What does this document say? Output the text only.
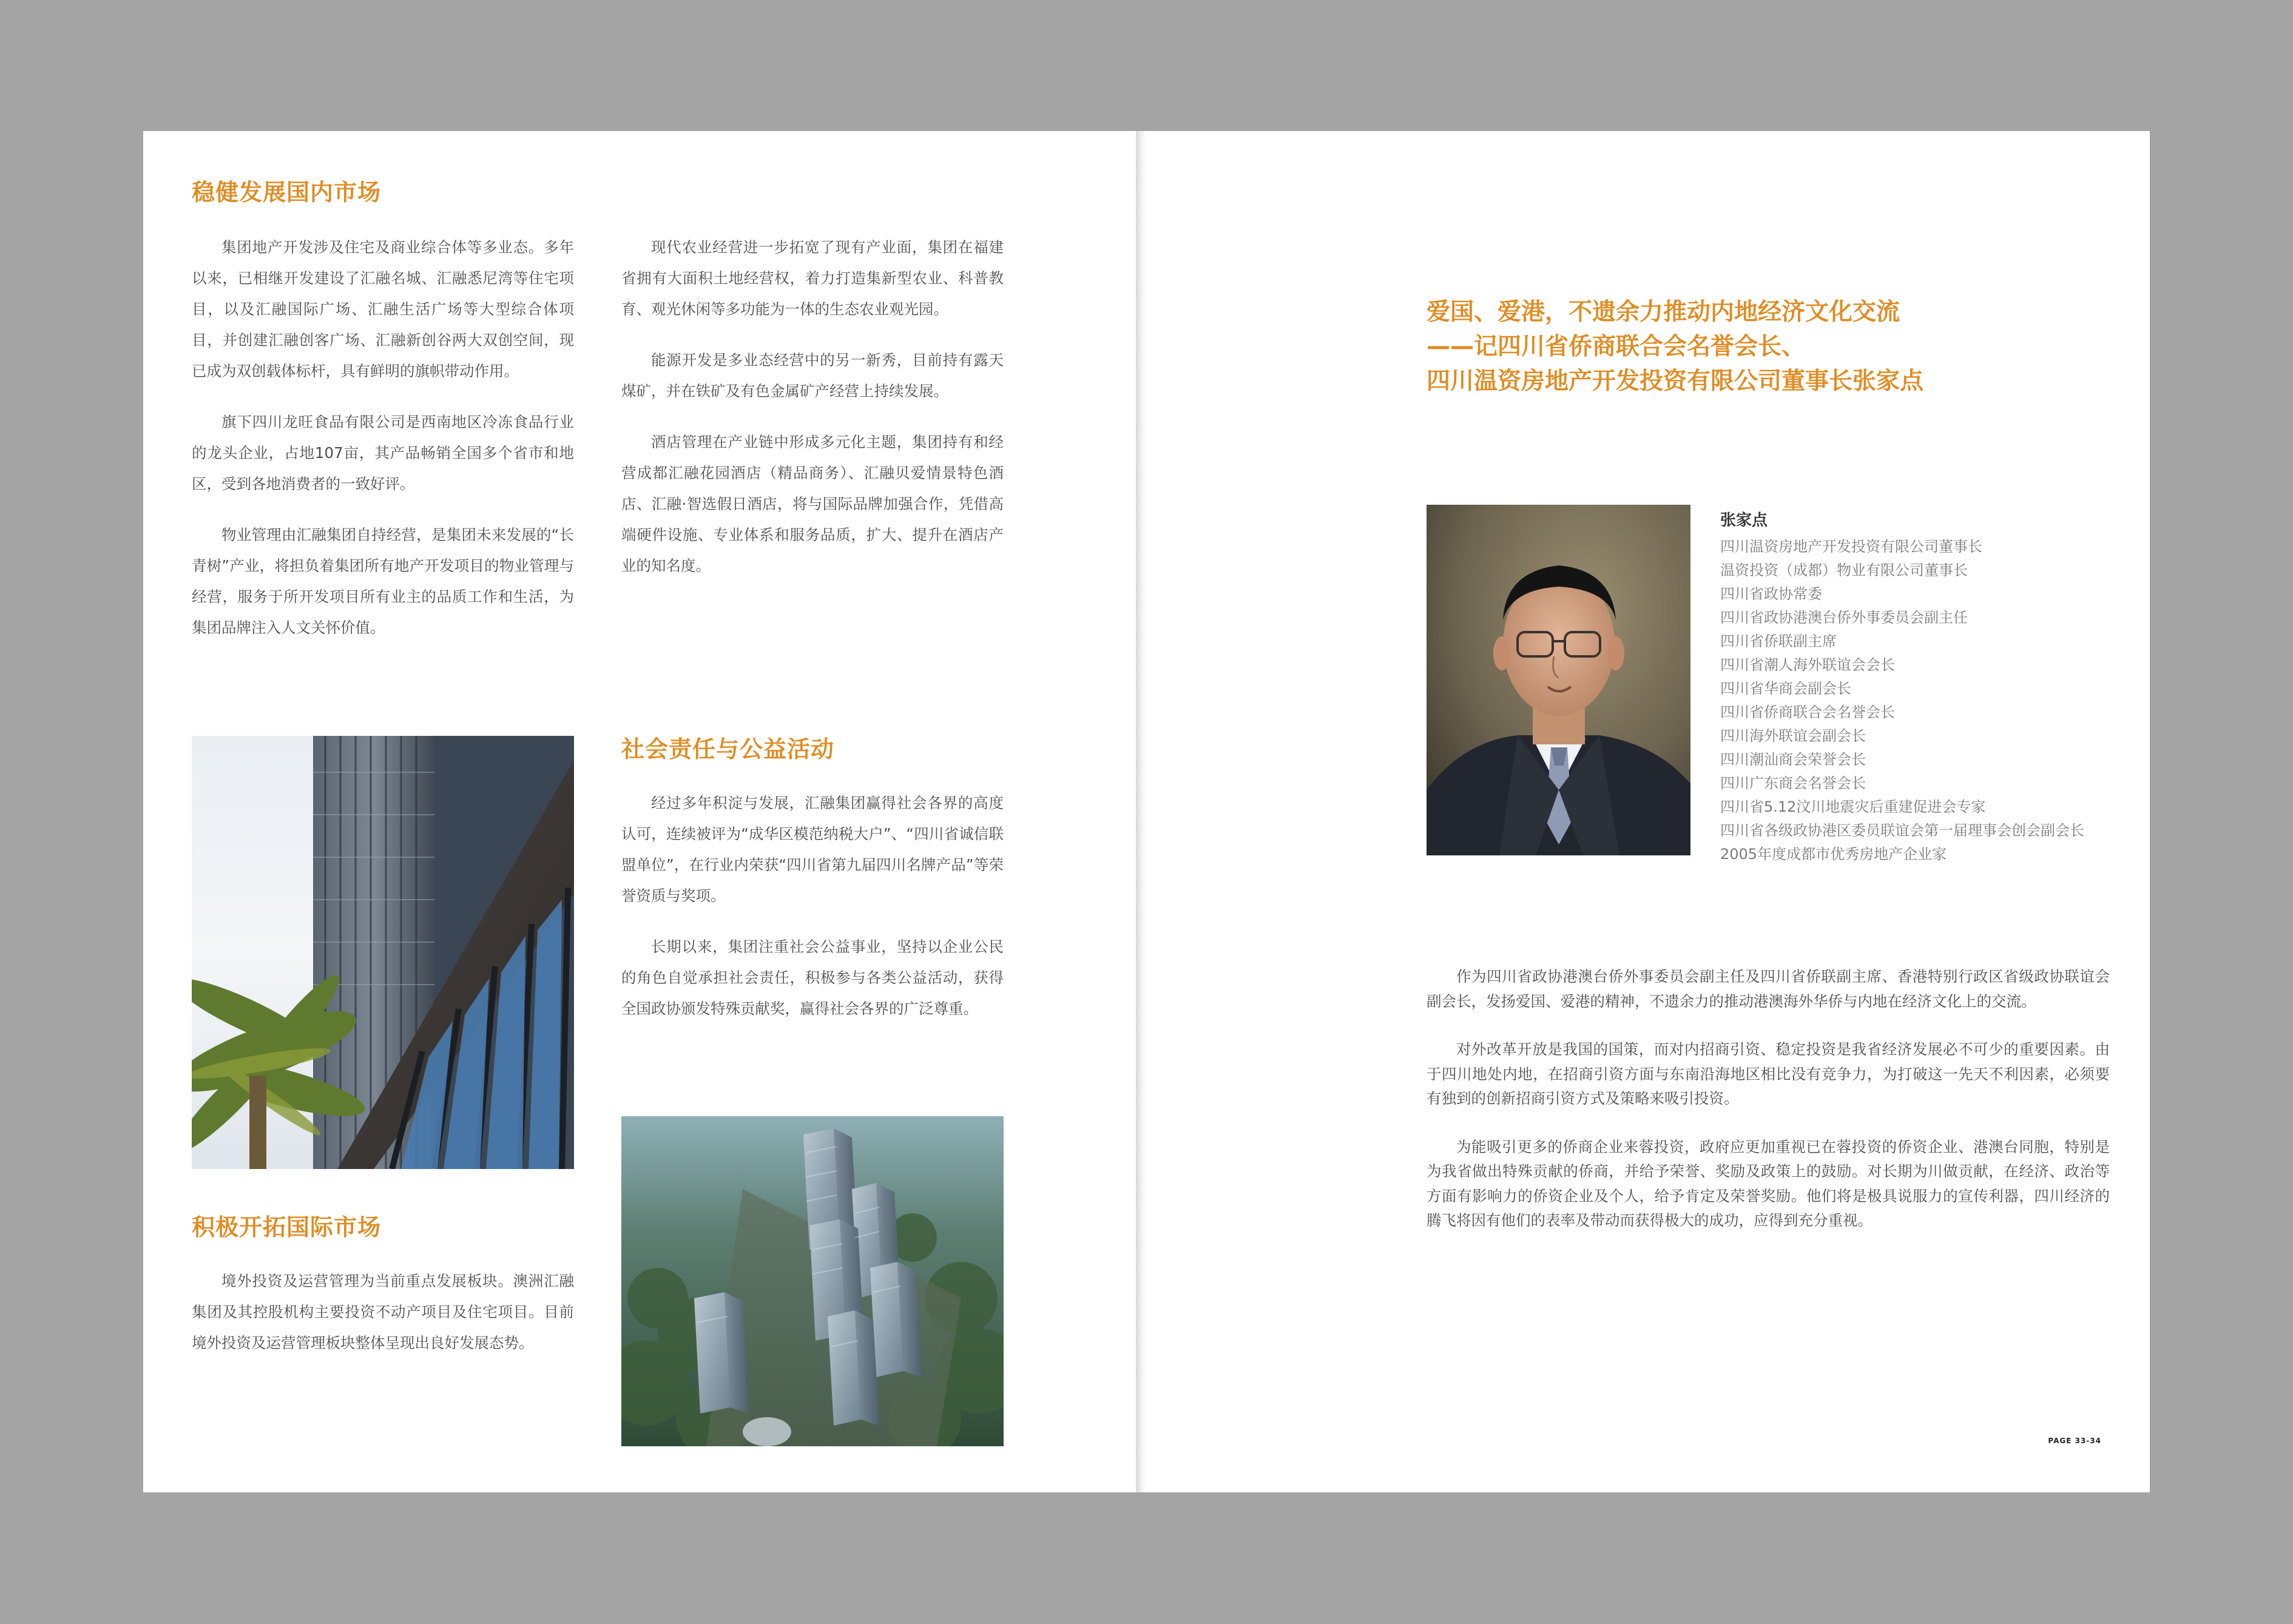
稳健发展国内市场

集团地产开发涉及住宅及商业综合体等多业态。多年以来，已相继开发建设了汇融名城、汇融悉尼湾等住宅项目，以及汇融国际广场、汇融生活广场等大型综合体项目，并创建汇融创客广场、汇融新创谷两大双创空间，现已成为双创载体标杆，具有鲜明的旗帜带动作用。

旗下四川龙旺食品有限公司是西南地区冷冻食品行业的龙头企业，占地107亩，其产品畅销全国多个省市和地区，受到各地消费者的一致好评。

物业管理由汇融集团自持经营，是集团未来发展的“长青树”产业，将担负着集团所有地产开发项目的物业管理与经营，服务于所开发项目所有业主的品质工作和生活，为集团品牌注入人文关怀价值。

现代农业经营进一步拓宽了现有产业面，集团在福建省拥有大面积土地经营权，着力打造集新型农业、科普教育、观光休闲等多功能为一体的生态农业观光园。

能源开发是多业态经营中的另一新秀，目前持有露天煤矿，并在铁矿及有色金属矿产经营上持续发展。

酒店管理在产业链中形成多元化主题，集团持有和经营成都汇融花园酒店（精品商务）、汇融贝爱情景特色酒店、汇融·智选假日酒店，将与国际品牌加强合作，凭借高端硬件设施、专业体系和服务品质，扩大、提升在酒店产业的知名度。

社会责任与公益活动

经过多年积淀与发展，汇融集团赢得社会各界的高度认可，连续被评为“成华区模范纳税大户”、“四川省诚信联盟单位”，在行业内荣获“四川省第九届四川名牌产品”等荣誉资质与奖项。

长期以来，集团注重社会公益事业，坚持以企业公民的角色自觉承担社会责任，积极参与各类公益活动，获得全国政协颁发特殊贡献奖，赢得社会各界的广泛尊重。

积极开拓国际市场

境外投资及运营管理为当前重点发展板块。澳洲汇融集团及其控股机构主要投资不动产项目及住宅项目。目前境外投资及运营管理板块整体呈现出良好发展态势。

爱国、爱港，不遗余力推动内地经济文化交流
——记四川省侨商联合会名誉会长、
四川温资房地产开发投资有限公司董事长张家点
张家点
四川温资房地产开发投资有限公司董事长
温资投资（成都）物业有限公司董事长
四川省政协常委
四川省政协港澳台侨外事委员会副主任
四川省侨联副主席
四川省潮人海外联谊会会长
四川省华商会副会长
四川省侨商联合会名誉会长
四川海外联谊会副会长
四川潮汕商会荣誉会长
四川广东商会名誉会长
四川省5.12汶川地震灾后重建促进会专家
四川省各级政协港区委员联谊会第一届理事会创会副会长
2005年度成都市优秀房地产企业家

作为四川省政协港澳台侨外事委员会副主任及四川省侨联副主席、香港特别行政区省级政协联谊会副会长，发扬爱国、爱港的精神，不遗余力的推动港澳海外华侨与内地在经济文化上的交流。

对外改革开放是我国的国策，而对内招商引资、稳定投资是我省经济发展必不可少的重要因素。由于四川地处内地，在招商引资方面与东南沿海地区相比没有竞争力，为打破这一先天不利因素，必须要有独到的创新招商引资方式及策略来吸引投资。

为能吸引更多的侨商企业来蓉投资，政府应更加重视已在蓉投资的侨资企业、港澳台同胞，特别是为我省做出特殊贡献的侨商，并给予荣誉、奖励及政策上的鼓励。对长期为川做贡献，在经济、政治等方面有影响力的侨资企业及个人，给予肯定及荣誉奖励。他们将是极具说服力的宣传利器，四川经济的腾飞将因有他们的表率及带动而获得极大的成功，应得到充分重视。

PAGE 33-34
